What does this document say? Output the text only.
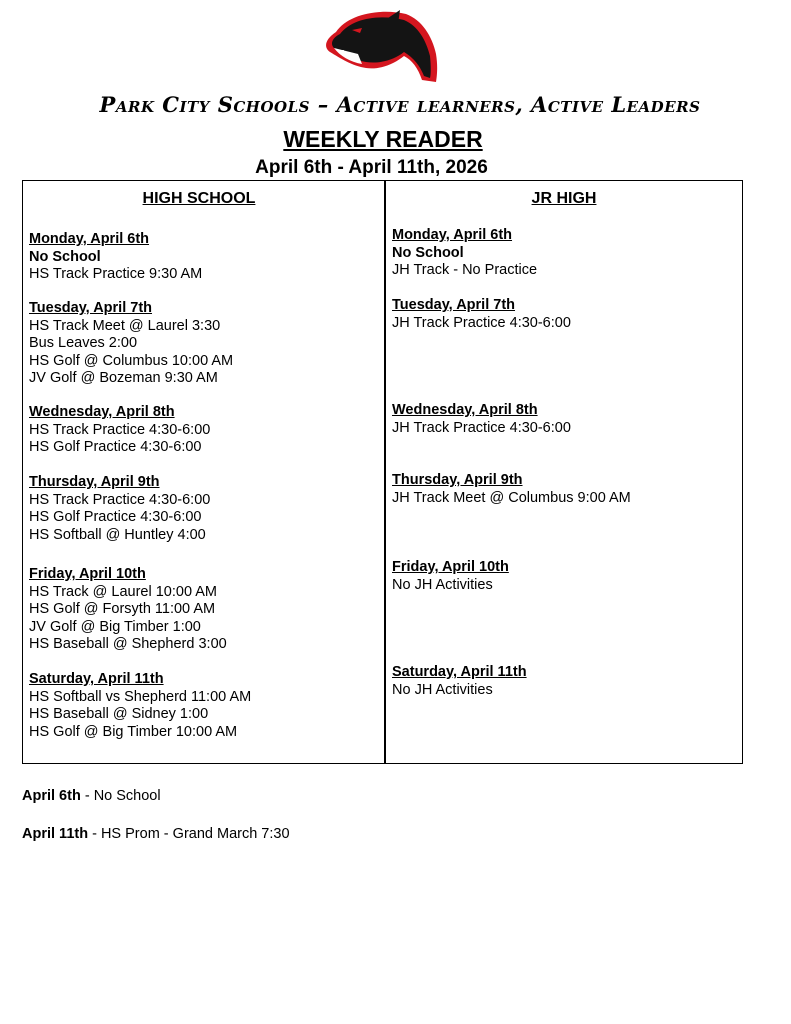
Park City Schools – Active learners, Active Leaders
WEEKLY READER
April 6th - April 11th, 2026
HIGH SCHOOL	JR HIGH
Monday, April 6th
No School
HS Track Practice 9:30 AM
Tuesday, April 7th
HS Track Meet @ Laurel 3:30
Bus Leaves 2:00
HS Golf @ Columbus 10:00 AM
JV Golf @ Bozeman 9:30 AM
Wednesday, April 8th
HS Track Practice 4:30-6:00
HS Golf Practice 4:30-6:00
Thursday, April 9th
HS Track Practice 4:30-6:00
HS Golf Practice 4:30-6:00
HS Softball @ Huntley 4:00
Friday, April 10th
HS Track @ Laurel 10:00 AM
HS Golf @ Forsyth 11:00 AM
JV Golf @ Big Timber 1:00
HS Baseball @ Shepherd 3:00
Saturday, April 11th
HS Softball vs Shepherd 11:00 AM
HS Baseball @ Sidney 1:00
HS Golf @ Big Timber 10:00 AM
Monday, April 6th
No School
JH Track - No Practice
Tuesday, April 7th
JH Track Practice 4:30-6:00
Wednesday, April 8th
JH Track Practice 4:30-6:00
Thursday, April 9th
JH Track Meet @ Columbus 9:00 AM
Friday, April 10th
No JH Activities
Saturday, April 11th
No JH Activities
April 6th - No School
April 11th - HS Prom - Grand March 7:30
